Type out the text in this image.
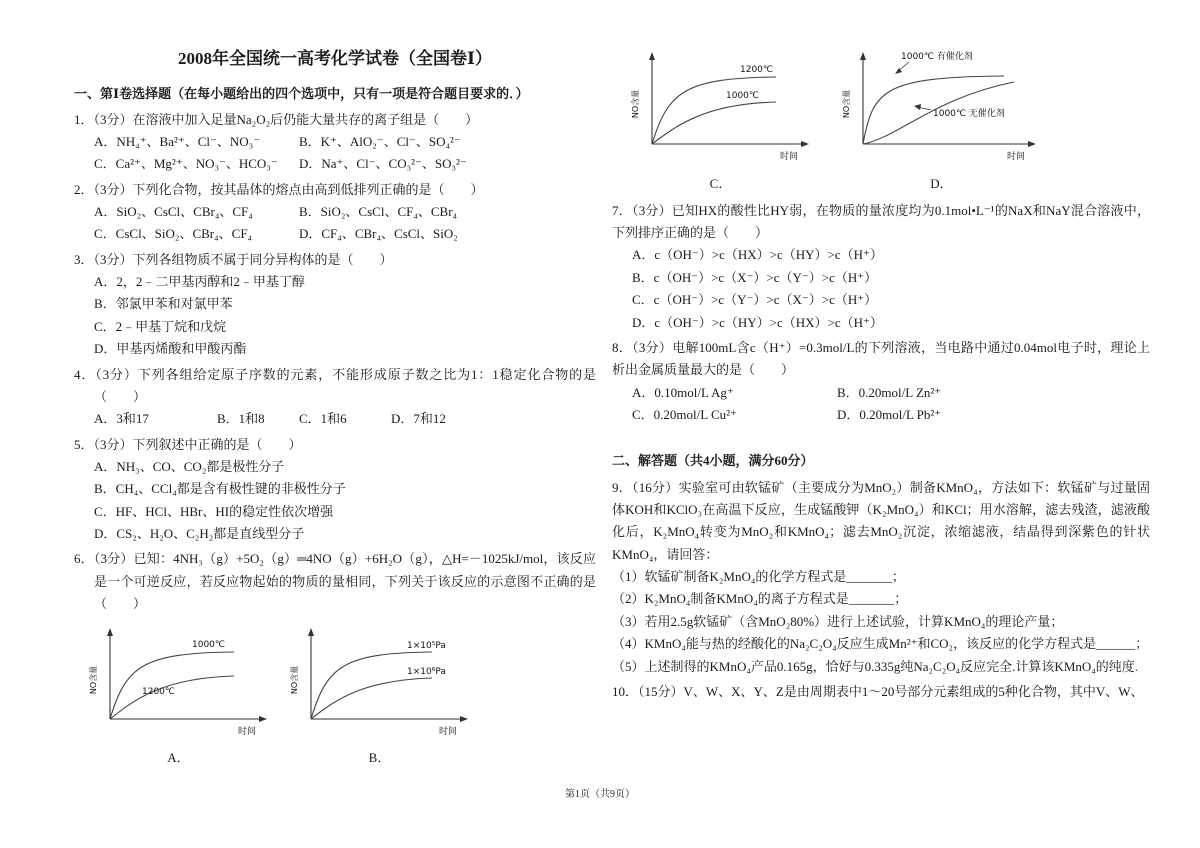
2008年全国统一高考化学试卷（全国卷Ⅰ）
一、第Ⅰ卷选择题（在每小题给出的四个选项中，只有一项是符合题目要求的．）
1．（3分）在溶液中加入足量Na₂O₂后仍能大量共存的离子组是（　　）
A．NH₄⁺、Ba²⁺、Cl⁻、NO₃⁻	B．K⁺、AlO₂⁻、Cl⁻、SO₄²⁻
C．Ca²⁺、Mg²⁺、NO₃⁻、HCO₃⁻	D．Na⁺、Cl⁻、CO₃²⁻、SO₃²⁻
2．（3分）下列化合物，按其晶体的熔点由高到低排列正确的是（　　）
A．SiO₂、CsCl、CBr₄、CF₄	B．SiO₂、CsCl、CF₄、CBr₄
C．CsCl、SiO₂、CBr₄、CF₄	D．CF₄、CBr₄、CsCl、SiO₂
3．（3分）下列各组物质不属于同分异构体的是（　　）
A．2，2﹣二甲基丙醇和2﹣甲基丁醇
B．邻氯甲苯和对氯甲苯
C．2﹣甲基丁烷和戊烷
D．甲基丙烯酸和甲酸丙酯
4．（3分）下列各组给定原子序数的元素，不能形成原子数之比为1：1稳定化合物的是（　　）
A．3和17	B．1和8	C．1和6	D．7和12
5．（3分）下列叙述中正确的是（　　）
A．NH₃、CO、CO₂都是极性分子
B．CH₄、CCl₄都是含有极性键的非极性分子
C．HF、HCl、HBr、HI的稳定性依次增强
D．CS₂、H₂O、C₂H₂都是直线型分子
6．（3分）已知：4NH₃（g）+5O₂（g）═4NO（g）+6H₂O（g），△H=－1025kJ/mol，该反应是一个可逆反应，若反应物起始的物质的量相同，下列关于该反应的示意图不正确的是（　　）
NO含量
时间
1000℃
1200℃
A．
NO含量
时间
1×10⁵Pa
1×10⁶Pa
B．
NO含量
时间
1200℃
1000℃
C．
NO含量
时间
1000℃ 有催化剂
1000℃ 无催化剂
D．
7．（3分）已知HX的酸性比HY弱，在物质的量浓度均为0.1mol•L⁻¹的NaX和NaY混合溶液中，下列排序正确的是（　　）
A．c（OH⁻）>c（HX）>c（HY）>c（H⁺）
B．c（OH⁻）>c（X⁻）>c（Y⁻）>c（H⁺）
C．c（OH⁻）>c（Y⁻）>c（X⁻）>c（H⁺）
D．c（OH⁻）>c（HY）>c（HX）>c（H⁺）
8．（3分）电解100mL含c（H⁺）=0.3mol/L的下列溶液，当电路中通过0.04mol电子时，理论上析出金属质量最大的是（　　）
A．0.10mol/L Ag⁺	B．0.20mol/L Zn²⁺
C．0.20mol/L Cu²⁺	D．0.20mol/L Pb²⁺
二、解答题（共4小题，满分60分）
9．（16分）实验室可由软锰矿（主要成分为MnO₂）制备KMnO₄，方法如下：软锰矿与过量固体KOH和KClO₃在高温下反应，生成锰酸钾（K₂MnO₄）和KCl；用水溶解，滤去残渣，滤液酸化后，K₂MnO₄转变为MnO₂和KMnO₄；滤去MnO₂沉淀，浓缩滤液，结晶得到深紫色的针状KMnO₄，请回答：
（1）软锰矿制备K₂MnO₄的化学方程式是_______；
（2）K₂MnO₄制备KMnO₄的离子方程式是_______；
（3）若用2.5g软锰矿（含MnO₂80%）进行上述试验，计算KMnO₄的理论产量；
（4）KMnO₄能与热的经酸化的Na₂C₂O₄反应生成Mn²⁺和CO₂，该反应的化学方程式是______；
（5）上述制得的KMnO₄产品0.165g，恰好与0.335g纯Na₂C₂O₄反应完全.计算该KMnO₄的纯度.
10．（15分）V、W、X、Y、Z是由周期表中1～20号部分元素组成的5种化合物，其中V、W、
第1页（共9页）
